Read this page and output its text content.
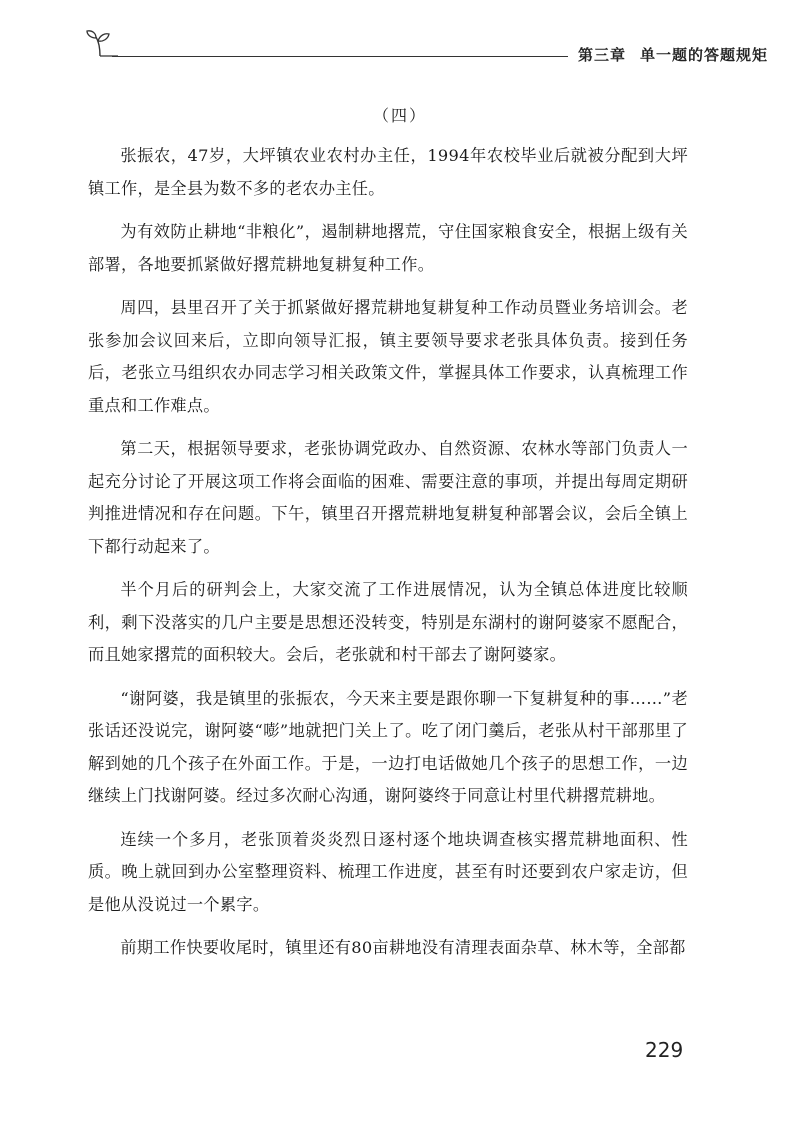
第三章 单一题的答题规矩
（四）

张振农，47岁，大坪镇农业农村办主任，1994年农校毕业后就被分配到大坪镇工作，是全县为数不多的老农办主任。

为有效防止耕地“非粮化”，遏制耕地撂荒，守住国家粮食安全，根据上级有关部署，各地要抓紧做好撂荒耕地复耕复种工作。

周四，县里召开了关于抓紧做好撂荒耕地复耕复种工作动员暨业务培训会。老张参加会议回来后，立即向领导汇报，镇主要领导要求老张具体负责。接到任务后，老张立马组织农办同志学习相关政策文件，掌握具体工作要求，认真梳理工作重点和工作难点。

第二天，根据领导要求，老张协调党政办、自然资源、农林水等部门负责人一起充分讨论了开展这项工作将会面临的困难、需要注意的事项，并提出每周定期研判推进情况和存在问题。下午，镇里召开撂荒耕地复耕复种部署会议，会后全镇上下都行动起来了。

半个月后的研判会上，大家交流了工作进展情况，认为全镇总体进度比较顺利，剩下没落实的几户主要是思想还没转变，特别是东湖村的谢阿婆家不愿配合，而且她家撂荒的面积较大。会后，老张就和村干部去了谢阿婆家。

“谢阿婆，我是镇里的张振农，今天来主要是跟你聊一下复耕复种的事……”老张话还没说完，谢阿婆“嘭”地就把门关上了。吃了闭门羹后，老张从村干部那里了解到她的几个孩子在外面工作。于是，一边打电话做她几个孩子的思想工作，一边继续上门找谢阿婆。经过多次耐心沟通，谢阿婆终于同意让村里代耕撂荒耕地。

连续一个多月，老张顶着炎炎烈日逐村逐个地块调查核实撂荒耕地面积、性质。晚上就回到办公室整理资料、梳理工作进度，甚至有时还要到农户家走访，但是他从没说过一个累字。

前期工作快要收尾时，镇里还有80亩耕地没有清理表面杂草、林木等，全部都

229
